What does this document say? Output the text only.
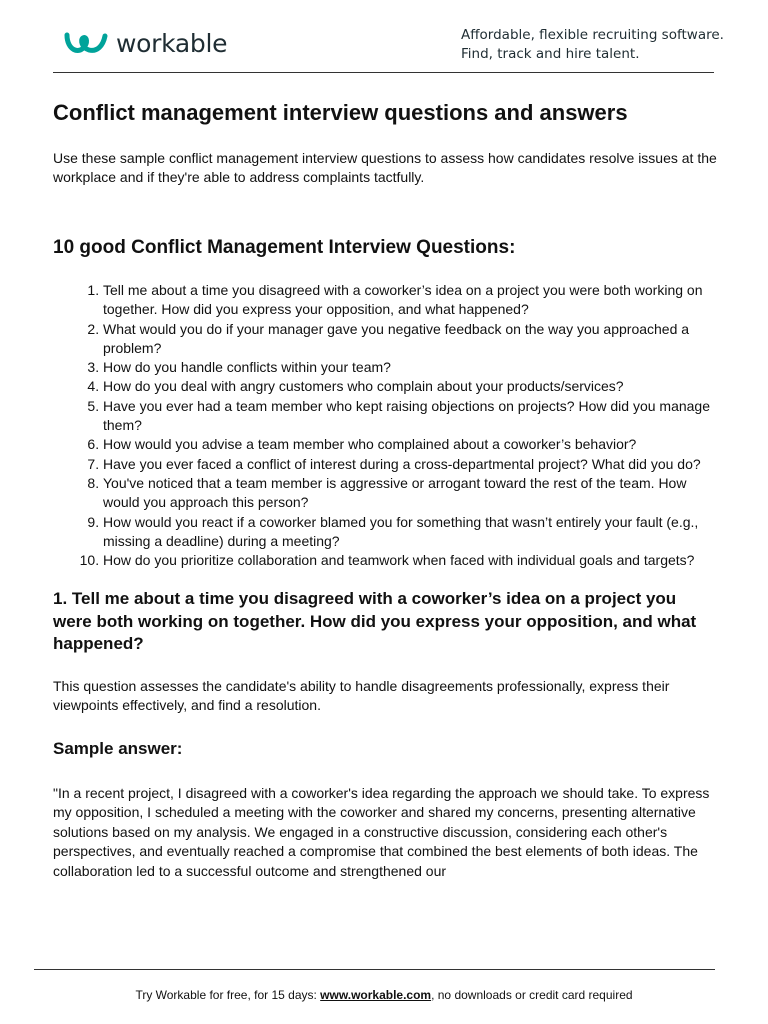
workable	Affordable, flexible recruiting software.
Find, track and hire talent.
Conflict management interview questions and answers

Use these sample conflict management interview questions to assess how candidates resolve issues at the workplace and if they're able to address complaints tactfully.

10 good Conflict Management Interview Questions:
1. Tell me about a time you disagreed with a coworker’s idea on a project you were both working on together. How did you express your opposition, and what happened?
2. What would you do if your manager gave you negative feedback on the way you approached a problem?
3. How do you handle conflicts within your team?
4. How do you deal with angry customers who complain about your products/services?
5. Have you ever had a team member who kept raising objections on projects? How did you manage them?
6. How would you advise a team member who complained about a coworker’s behavior?
7. Have you ever faced a conflict of interest during a cross-departmental project? What did you do?
8. You've noticed that a team member is aggressive or arrogant toward the rest of the team. How would you approach this person?
9. How would you react if a coworker blamed you for something that wasn’t entirely your fault (e.g., missing a deadline) during a meeting?
10. How do you prioritize collaboration and teamwork when faced with individual goals and targets?
1. Tell me about a time you disagreed with a coworker’s idea on a project you were both working on together. How did you express your opposition, and what happened?

This question assesses the candidate's ability to handle disagreements professionally, express their viewpoints effectively, and find a resolution.

Sample answer:

"In a recent project, I disagreed with a coworker's idea regarding the approach we should take. To express my opposition, I scheduled a meeting with the coworker and shared my concerns, presenting alternative solutions based on my analysis. We engaged in a constructive discussion, considering each other's perspectives, and eventually reached a compromise that combined the best elements of both ideas. The collaboration led to a successful outcome and strengthened our

Try Workable for free, for 15 days: www.workable.com, no downloads or credit card required
